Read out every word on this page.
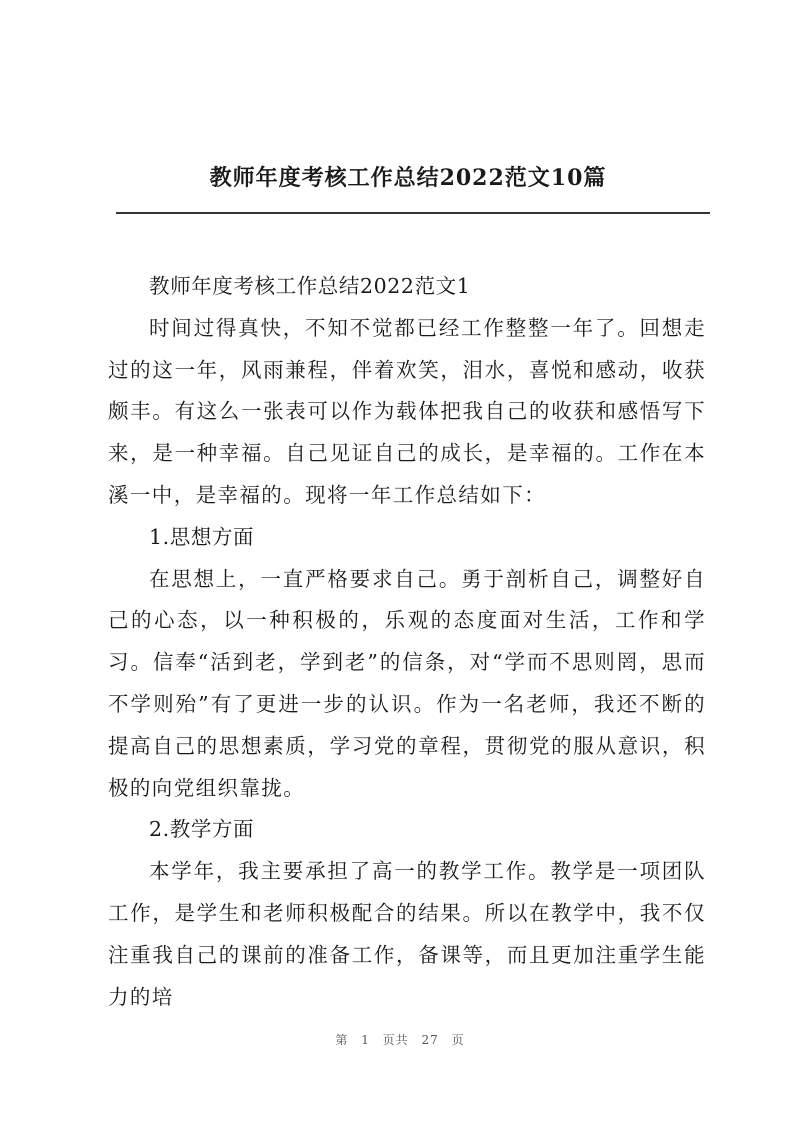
教师年度考核工作总结2022范文10篇

教师年度考核工作总结2022范文1

时间过得真快，不知不觉都已经工作整整一年了。回想走过的这一年，风雨兼程，伴着欢笑，泪水，喜悦和感动，收获颇丰。有这么一张表可以作为载体把我自己的收获和感悟写下来，是一种幸福。自己见证自己的成长，是幸福的。工作在本溪一中，是幸福的。现将一年工作总结如下：

1.思想方面

在思想上，一直严格要求自己。勇于剖析自己，调整好自己的心态，以一种积极的，乐观的态度面对生活，工作和学习。信奉“活到老，学到老”的信条，对“学而不思则罔，思而不学则殆”有了更进一步的认识。作为一名老师，我还不断的提高自己的思想素质，学习党的章程，贯彻党的服从意识，积极的向党组织靠拢。

2.教学方面

本学年，我主要承担了高一的教学工作。教学是一项团队工作，是学生和老师积极配合的结果。所以在教学中，我不仅注重我自己的课前的准备工作，备课等，而且更加注重学生能力的培

第 1 页共 27 页
